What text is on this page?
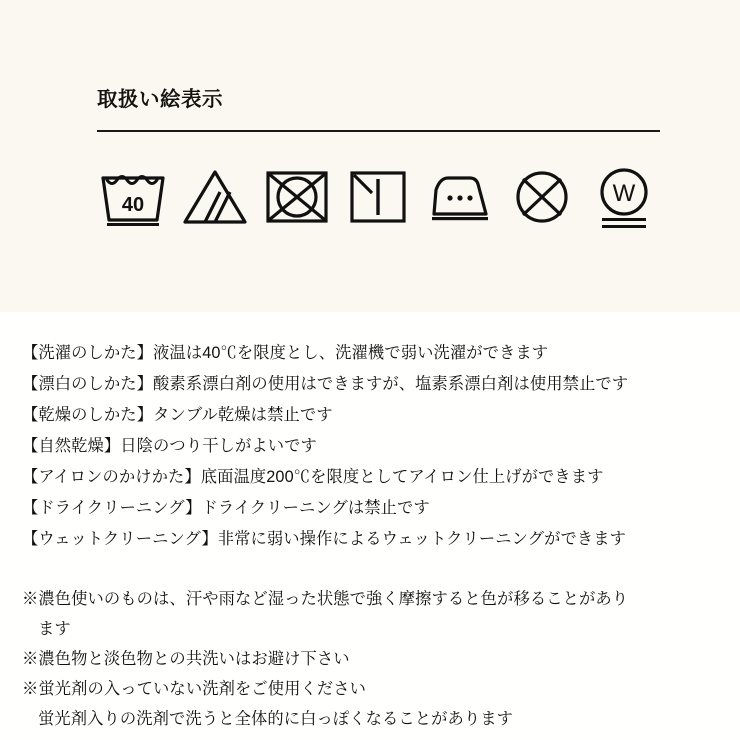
取扱い絵表示
40	W
【洗濯のしかた】液温は40℃を限度とし、洗濯機で弱い洗濯ができます
【漂白のしかた】酸素系漂白剤の使用はできますが、塩素系漂白剤は使用禁止です
【乾燥のしかた】タンブル乾燥は禁止です
【自然乾燥】日陰のつり干しがよいです
【アイロンのかけかた】底面温度200℃を限度としてアイロン仕上げができます
【ドライクリーニング】ドライクリーニングは禁止です
【ウェットクリーニング】非常に弱い操作によるウェットクリーニングができます
※濃色使いのものは、汗や雨など湿った状態で強く摩擦すると色が移ることがあり
ます
※濃色物と淡色物との共洗いはお避け下さい
※蛍光剤の入っていない洗剤をご使用ください
蛍光剤入りの洗剤で洗うと全体的に白っぽくなることがあります
